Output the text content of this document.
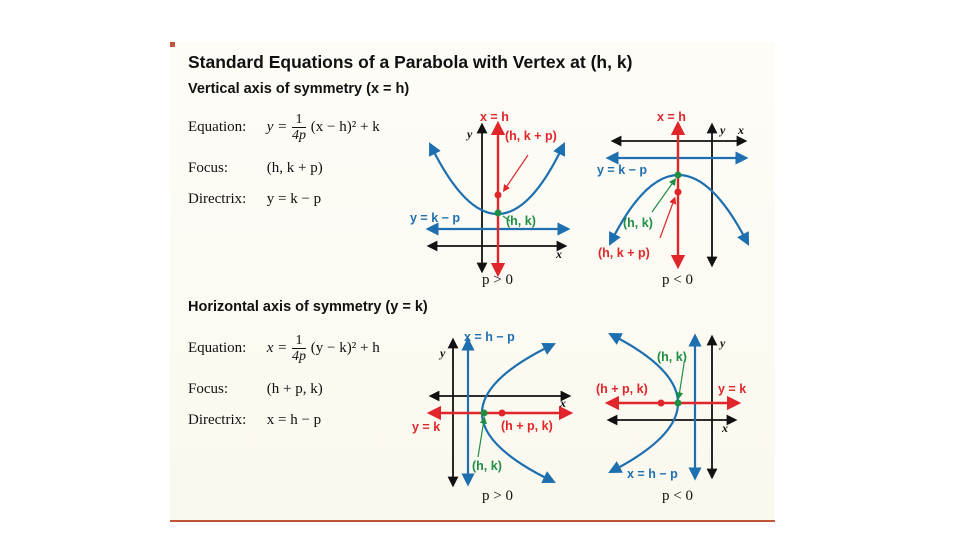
Standard Equations of a Parabola with Vertex at (h, k)
Vertical axis of symmetry (x = h)
Horizontal axis of symmetry (y = k)
Equation: $y = \frac{1}{4p} (x - h)^2 + k$
Focus:	(h, k + p)
Directrix: y = k − p
Equation: $x = \frac{1}{4p} (y - k)^2 + h$
Focus:	(h + p, k)
Directrix: x = h − p
p > 0	p < 0
p > 0	p < 0
x = h
(h, k + p)
y = k − p	(h, k)
y
x
x = h
y = k − p
(h, k)
(h, k + p)
y x
x = h − p
y = k	(h + p, k)
(h, k)
y
x
(h, k)
(h + p, k)	y = k
x = h − p
y
x
